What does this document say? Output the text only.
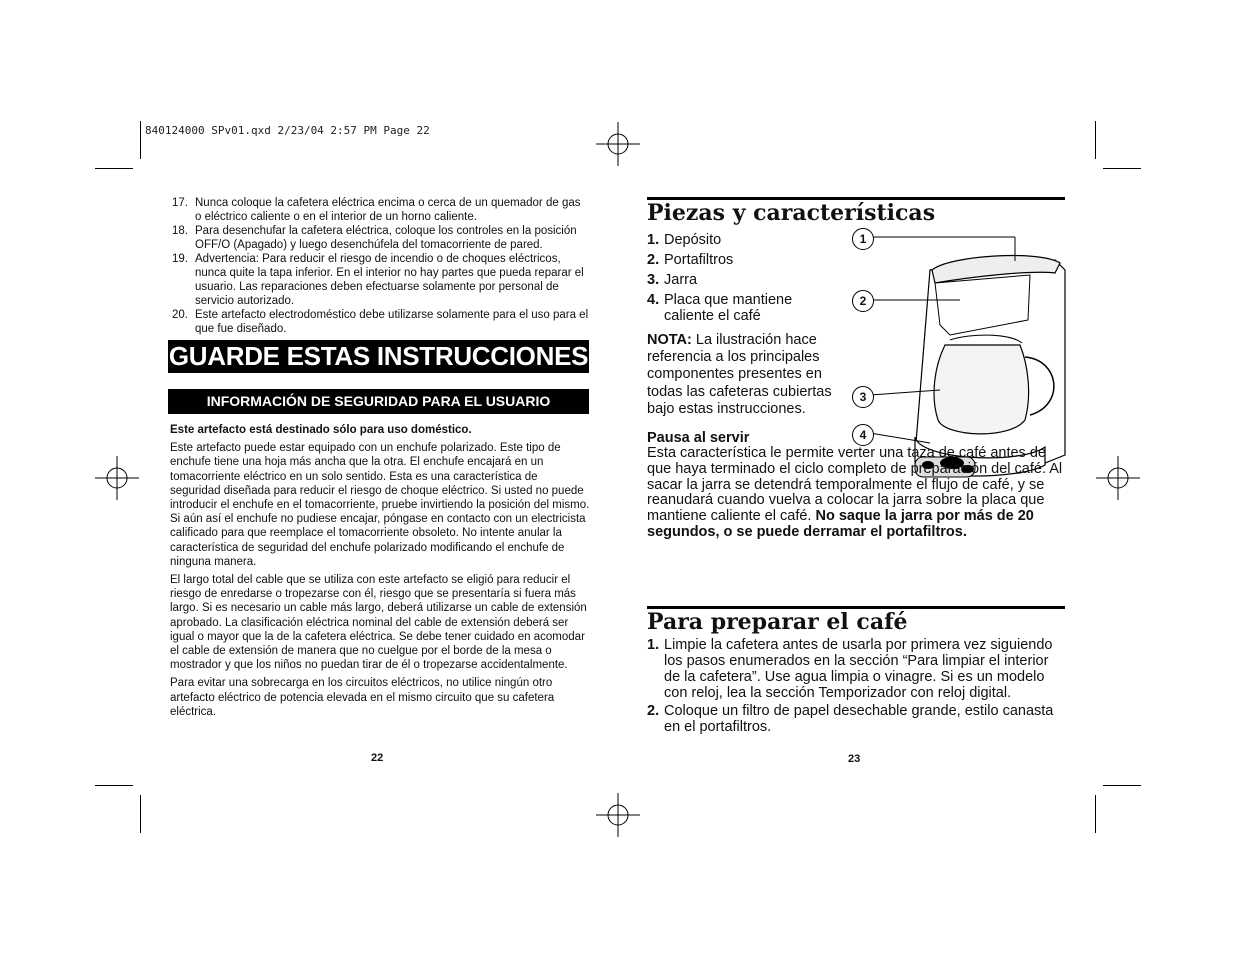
840124000 SPv01.qxd 2/23/04 2:57 PM Page 22
17. Nunca coloque la cafetera eléctrica encima o cerca de un quemador de gas o eléctrico caliente o en el interior de un horno caliente.
18. Para desenchufar la cafetera eléctrica, coloque los controles en la posición OFF/O (Apagado) y luego desenchúfela del tomacorriente de pared.
19. Advertencia: Para reducir el riesgo de incendio o de choques eléctricos, nunca quite la tapa inferior. En el interior no hay partes que pueda reparar el usuario. Las reparaciones deben efectuarse solamente por personal de servicio autorizado.
20. Este artefacto electrodoméstico debe utilizarse solamente para el uso para el que fue diseñado.
GUARDE ESTAS INSTRUCCIONES
INFORMACIÓN DE SEGURIDAD PARA EL USUARIO

Este artefacto está destinado sólo para uso doméstico.

Este artefacto puede estar equipado con un enchufe polarizado. Este tipo de enchufe tiene una hoja más ancha que la otra. El enchufe encajará en un tomacorriente eléctrico en un solo sentido. Esta es una característica de seguridad diseñada para reducir el riesgo de choque eléctrico. Si usted no puede introducir el enchufe en el tomacorriente, pruebe invirtiendo la posición del mismo. Si aún así el enchufe no pudiese encajar, póngase en contacto con un electricista calificado para que reemplace el tomacorriente obsoleto. No intente anular la característica de seguridad del enchufe polarizado modificando el enchufe de ninguna manera.

El largo total del cable que se utiliza con este artefacto se eligió para reducir el riesgo de enredarse o tropezarse con él, riesgo que se presentaría si fuera más largo. Si es necesario un cable más largo, deberá utilizarse un cable de extensión aprobado. La clasificación eléctrica nominal del cable de extensión deberá ser igual o mayor que la de la cafetera eléctrica. Se debe tener cuidado en acomodar el cable de extensión de manera que no cuelgue por el borde de la mesa o mostrador y que los niños no puedan tirar de él o tropezarse accidentalmente.

Para evitar una sobrecarga en los circuitos eléctricos, no utilice ningún otro artefacto eléctrico de potencia elevada en el mismo circuito que su cafetera eléctrica.

22
Piezas y características
1. Depósito
2. Portafiltros
3. Jarra
4. Placa que mantiene caliente el café
NOTA: La ilustración hace referencia a los principales componentes presentes en todas las cafeteras cubiertas bajo estas instrucciones.
1
2
3
4
Pausa al servir
Esta característica le permite verter una taza de café antes de que haya terminado el ciclo completo de preparación del café. Al sacar la jarra se detendrá temporalmente el flujo de café, y se reanudará cuando vuelva a colocar la jarra sobre la placa que mantiene caliente el café. No saque la jarra por más de 20 segundos, o se puede derramar el portafiltros.
Para preparar el café
1. Limpie la cafetera antes de usarla por primera vez siguiendo los pasos enumerados en la sección “Para limpiar el interior de la cafetera”. Use agua limpia o vinagre. Si es un modelo con reloj, lea la sección Temporizador con reloj digital.
2. Coloque un filtro de papel desechable grande, estilo canasta en el portafiltros.
23
